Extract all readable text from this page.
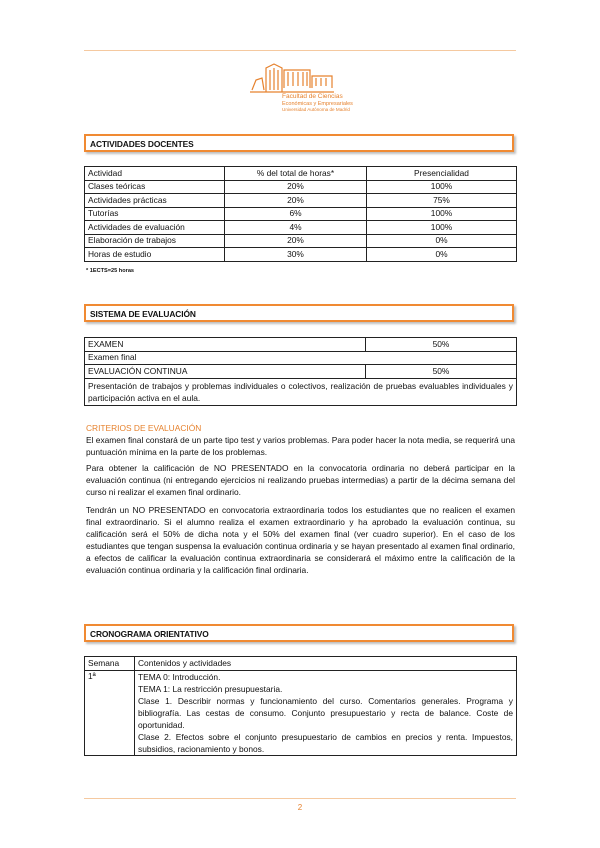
Facultad de Ciencias
Económicas y Empresariales
Universidad Autónoma de Madrid
ACTIVIDADES DOCENTES
Actividad	% del total de horas*	Presencialidad
Clases teóricas	20%	100%
Actividades prácticas	20%	75%
Tutorías	6%	100%
Actividades de evaluación	4%	100%
Elaboración de trabajos	20%	0%
Horas de estudio	30%	0%
* 1ECTS=25 horas
SISTEMA DE EVALUACIÓN
EXAMEN	50%
Examen final	
EVALUACIÓN CONTINUA	50%
Presentación de trabajos y problemas individuales o colectivos, realización de pruebas evaluables individuales y participación activa en el aula.	
CRITERIOS DE EVALUACIÓN
El examen final constará de un parte tipo test y varios problemas. Para poder hacer la nota media, se requerirá una puntuación mínima en la parte de los problemas.
Para obtener la calificación de NO PRESENTADO en la convocatoria ordinaria no deberá participar en la evaluación continua (ni entregando ejercicios ni realizando pruebas intermedias) a partir de la décima semana del curso ni realizar el examen final ordinario.
Tendrán un NO PRESENTADO en convocatoria extraordinaria todos los estudiantes que no realicen el examen final extraordinario. Si el alumno realiza el examen extraordinario y ha aprobado la evaluación continua, su calificación será el 50% de dicha nota y el 50% del examen final (ver cuadro superior). En el caso de los estudiantes que tengan suspensa la evaluación continua ordinaria y se hayan presentado al examen final ordinario, a efectos de calificar la evaluación continua extraordinaria se considerará el máximo entre la calificación de la evaluación continua ordinaria y la calificación final ordinaria.
CRONOGRAMA ORIENTATIVO
Semana	Contenidos y actividades
1ª	TEMA 0: Introducción.
TEMA 1: La restricción presupuestaria.
Clase 1. Describir normas y funcionamiento del curso. Comentarios generales. Programa y bibliografía. Las cestas de consumo. Conjunto presupuestario y recta de balance. Coste de oportunidad.
Clase 2. Efectos sobre el conjunto presupuestario de cambios en precios y renta. Impuestos, subsidios, racionamiento y bonos.
2
